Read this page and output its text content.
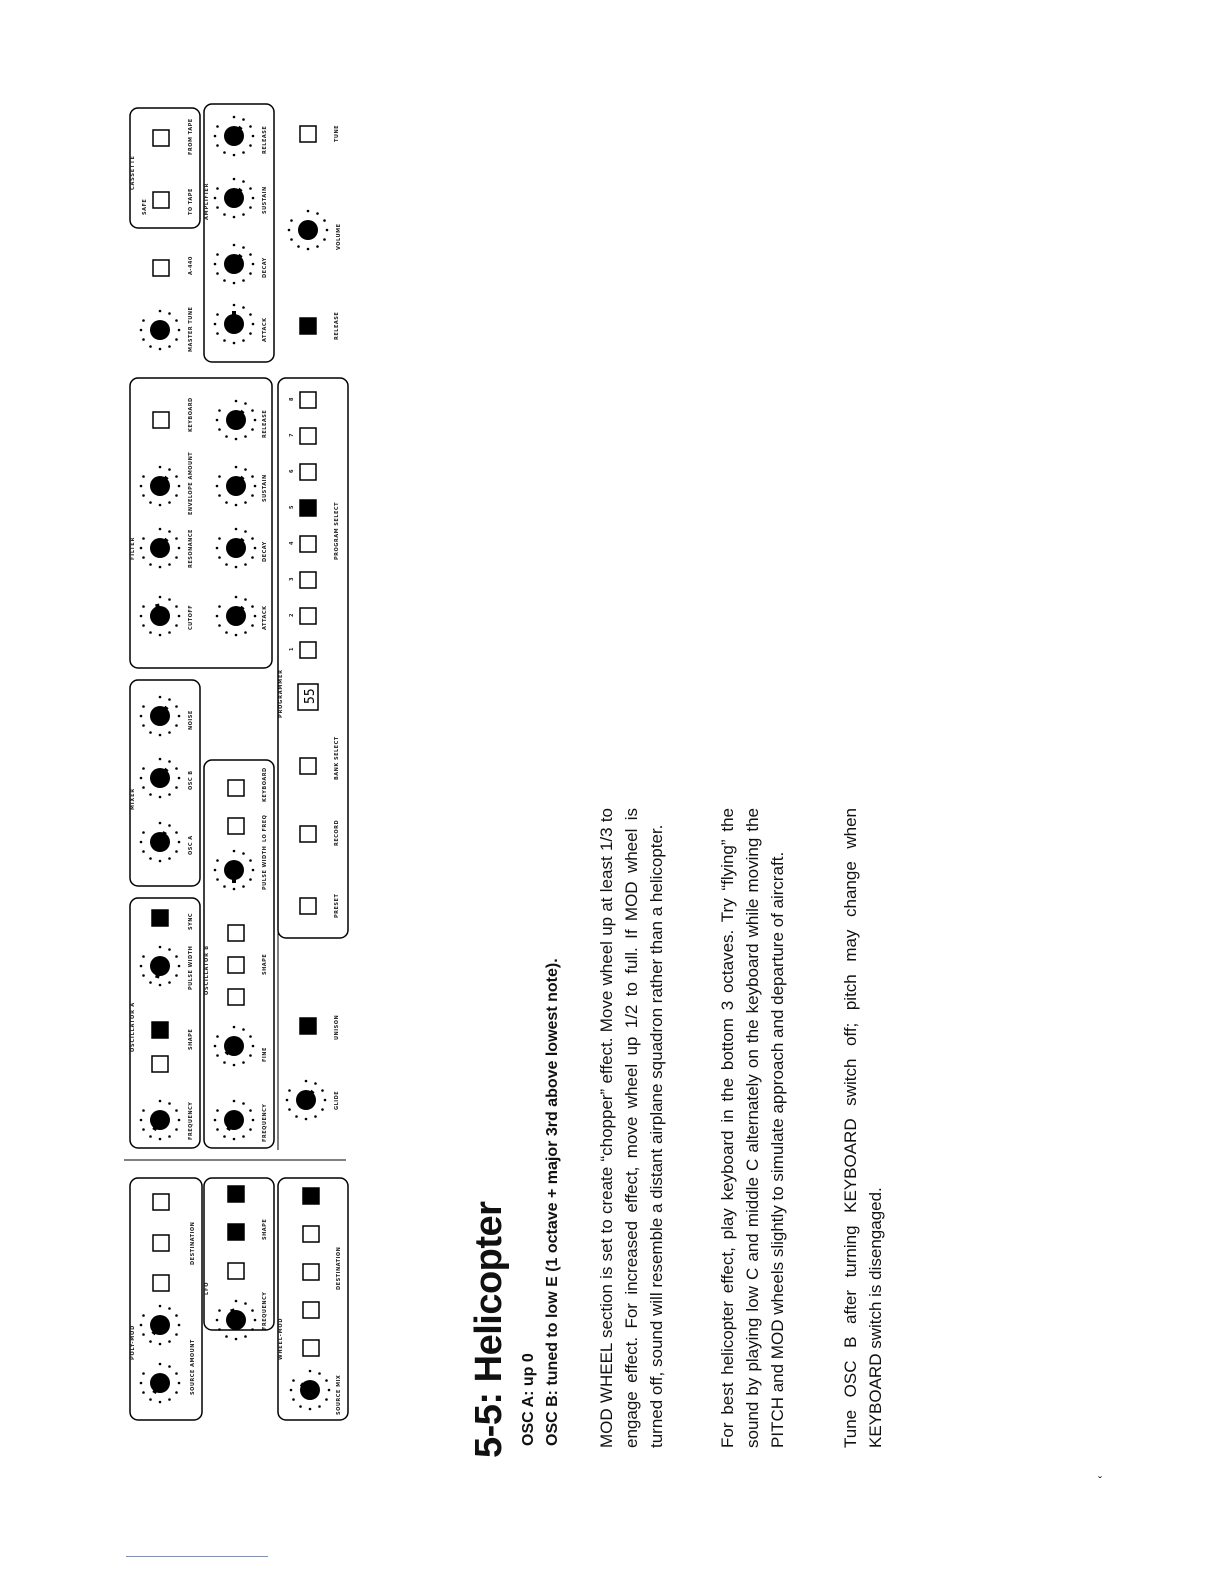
POLY-MOD	SOURCE AMOUNT
DESTINATION
LFO
FREQUENCY
SHAPE
WHEEL-MOD
SOURCE MIX
DESTINATION
OSCILLATOR A
FREQUENCY
SHAPE
PULSE WIDTH
SYNC
OSCILLATOR B
FREQUENCY
FINE
SHAPE
PULSE WIDTH
LO FREQ
KEYBOARD
GLIDE
UNISON
MIXER
OSC A
OSC B
NOISE
FILTER
CUTOFF
RESONANCE
ENVELOPE AMOUNT
KEYBOARD
ATTACK
DECAY
SUSTAIN
RELEASE
PROGRAMMER 55
1
2
3
4
5
6
7
8
PRESET
RECORD
BANK SELECT
PROGRAM SELECT
MASTER TUNE
A-440
CASSETTE
SAFE	TO TAPE
FROM TAPE
AMPLIFIER
ATTACK
DECAY
SUSTAIN
RELEASE
RELEASE
VOLUME
TUNE
5-5: Helicopter OSC A: up 0 OSC B: tuned to low E (1 octave + major 3rd above lowest note). MOD WHEEL section is set to create “chopper” effect. Move wheel up at least 1/3 to engage effect. For increased effect, move wheel up 1/2 to full. If MOD wheel is turned off, sound will resemble a distant airplane squadron rather than a helicopter.	For best helicopter effect, play keyboard in the bottom 3 octaves. Try “flying” the sound by playing low C and middle C alternately on the keyboard while moving the PITCH and MOD wheels slightly to simulate approach and departure of aircraft.	Tune OSC B after turning KEYBOARD switch off; pitch may change when KEYBOARD switch is disengaged.

ˇ
